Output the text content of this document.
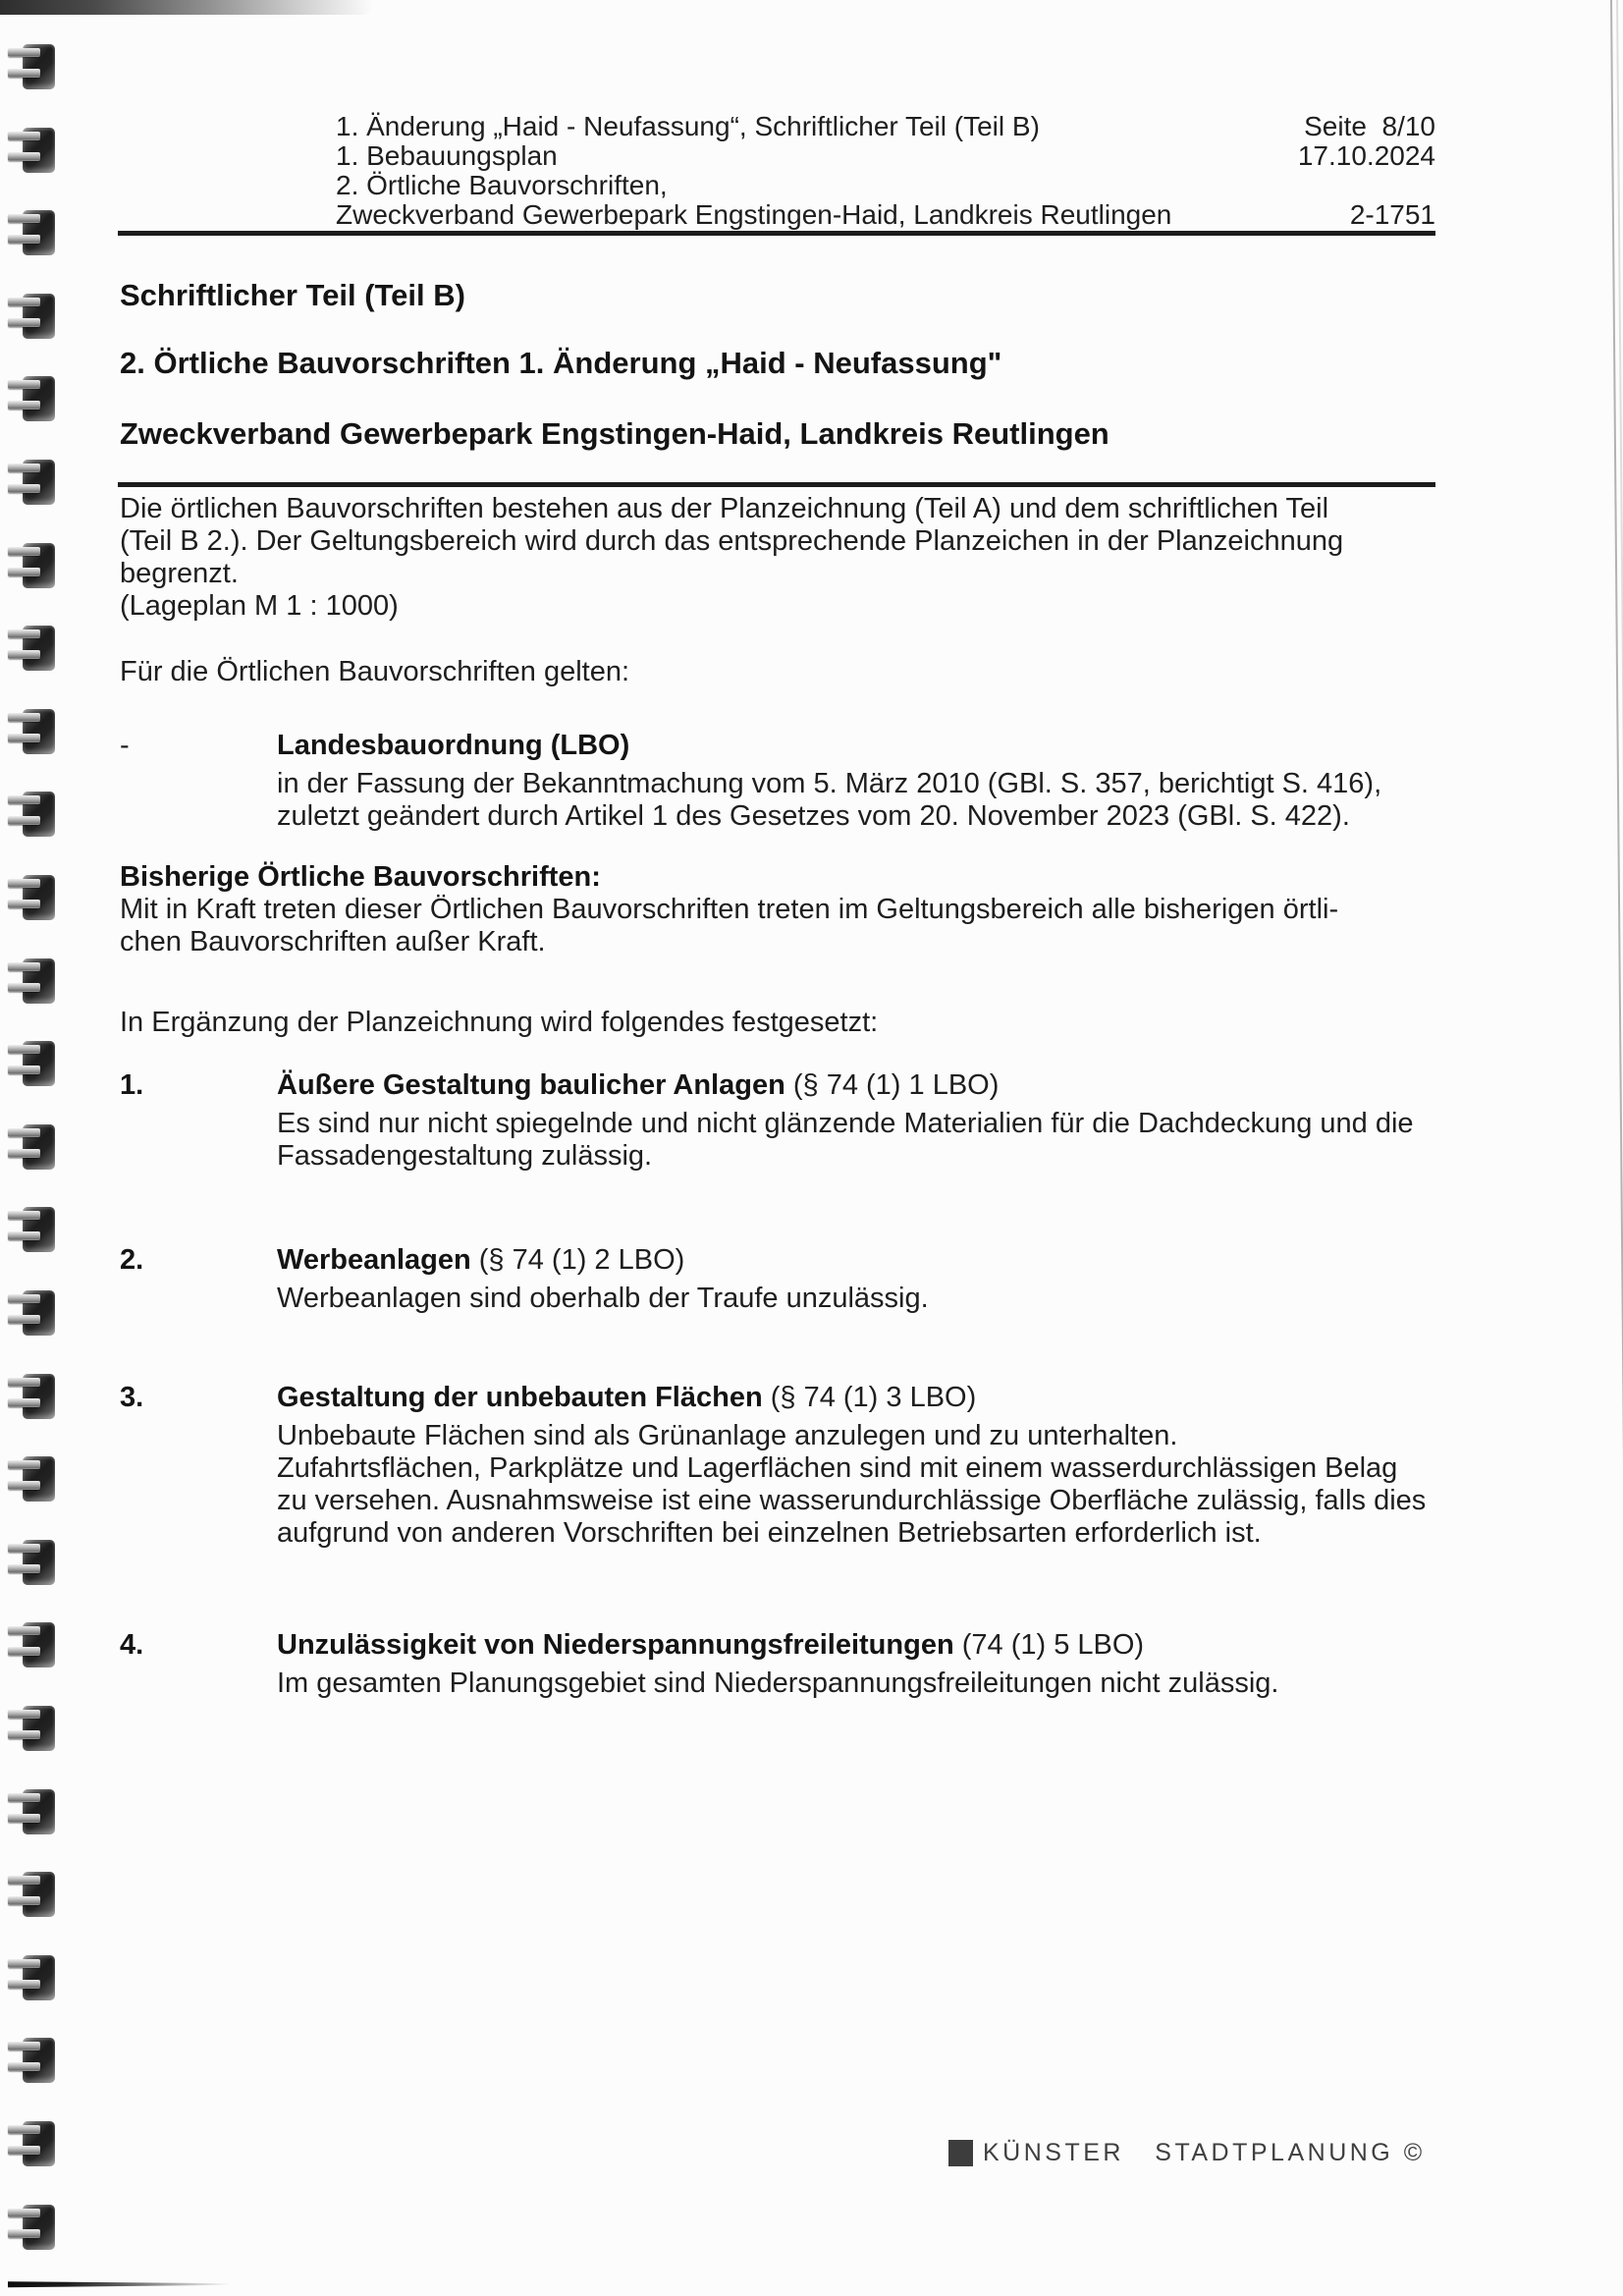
1. Änderung „Haid - Neufassung“, Schriftlicher Teil (Teil B)
1. Bebauungsplan
2. Örtliche Bauvorschriften,
Zweckverband Gewerbepark Engstingen-Haid, Landkreis Reutlingen
Seite  8/10
17.10.2024
2-1751
Schriftlicher Teil (Teil B)
2. Örtliche Bauvorschriften 1. Änderung „Haid - Neufassung"
Zweckverband Gewerbepark Engstingen-Haid, Landkreis Reutlingen
Die örtlichen Bauvorschriften bestehen aus der Planzeichnung (Teil A) und dem schriftlichen Teil
(Teil B 2.). Der Geltungsbereich wird durch das entsprechende Planzeichen in der Planzeichnung
begrenzt.
(Lageplan M 1 : 1000)
Für die Örtlichen Bauvorschriften gelten:
-	Landesbauordnung (LBO)
in der Fassung der Bekanntmachung vom 5. März 2010 (GBl. S. 357, berichtigt S. 416),
zuletzt geändert durch Artikel 1 des Gesetzes vom 20. November 2023 (GBl. S. 422).
Bisherige Örtliche Bauvorschriften:
Mit in Kraft treten dieser Örtlichen Bauvorschriften treten im Geltungsbereich alle bisherigen örtli-
chen Bauvorschriften außer Kraft.
In Ergänzung der Planzeichnung wird folgendes festgesetzt:
1.	Äußere Gestaltung baulicher Anlagen (§ 74 (1) 1 LBO)
Es sind nur nicht spiegelnde und nicht glänzende Materialien für die Dachdeckung und die
Fassadengestaltung zulässig.
2.	Werbeanlagen (§ 74 (1) 2 LBO)
Werbeanlagen sind oberhalb der Traufe unzulässig.
3.	Gestaltung der unbebauten Flächen (§ 74 (1) 3 LBO)
Unbebaute Flächen sind als Grünanlage anzulegen und zu unterhalten.
Zufahrtsflächen, Parkplätze und Lagerflächen sind mit einem wasserdurchlässigen Belag
zu versehen. Ausnahmsweise ist eine wasserundurchlässige Oberfläche zulässig, falls dies
aufgrund von anderen Vorschriften bei einzelnen Betriebsarten erforderlich ist.
4.	Unzulässigkeit von Niederspannungsfreileitungen (74 (1) 5 LBO)
Im gesamten Planungsgebiet sind Niederspannungsfreileitungen nicht zulässig.
KÜNSTER   STADTPLANUNG ©
